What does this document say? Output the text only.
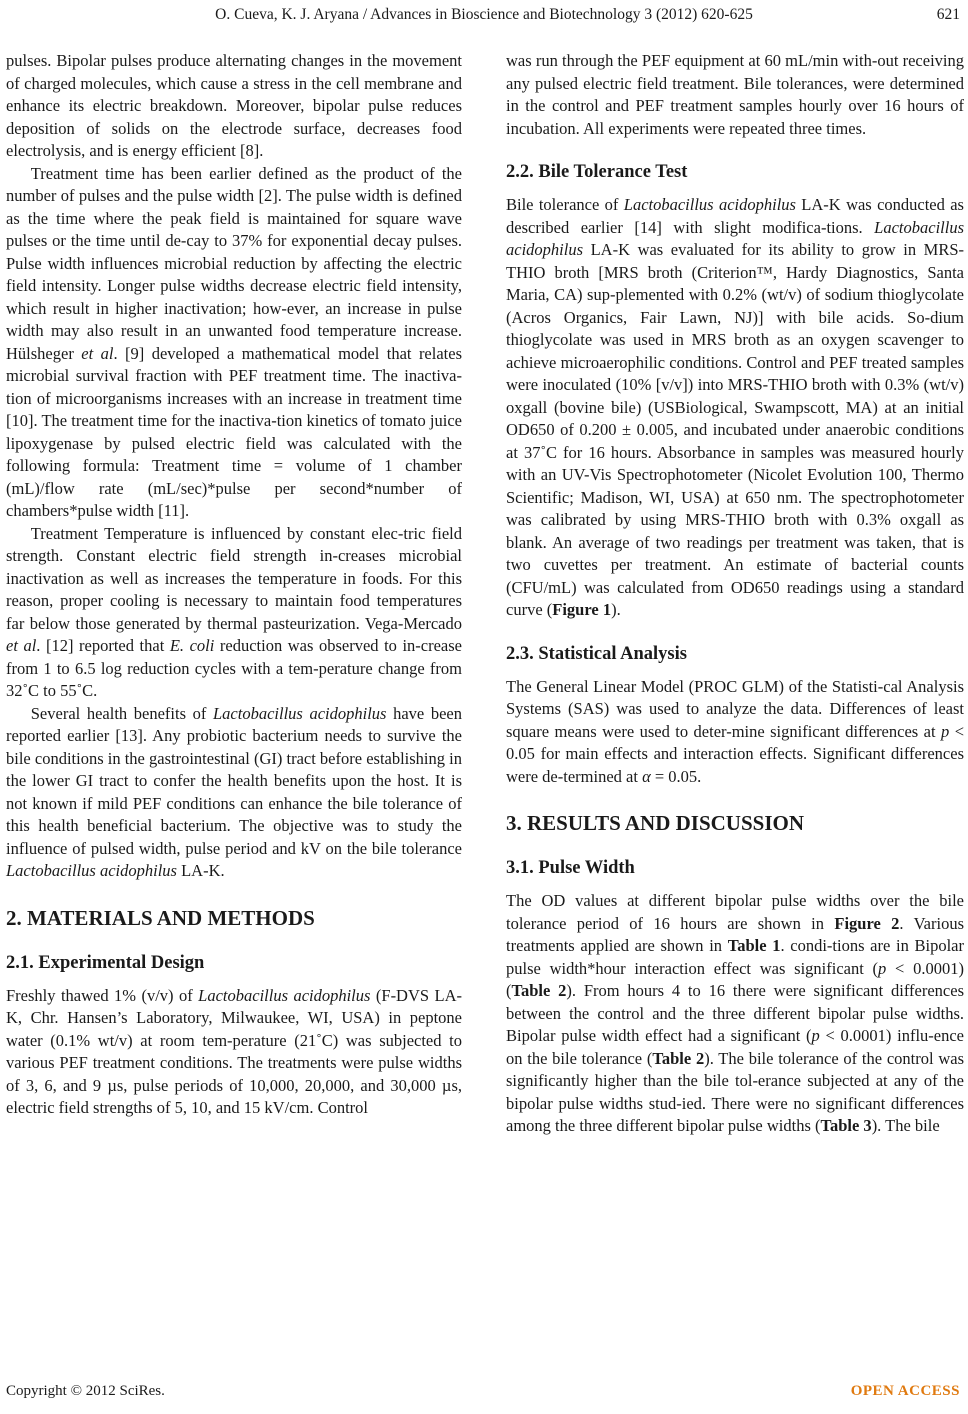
O. Cueva, K. J. Aryana / Advances in Bioscience and Biotechnology 3 (2012) 620-625	621

pulses. Bipolar pulses produce alternating changes in the movement of charged molecules, which cause a stress in the cell membrane and enhance its electric breakdown. Moreover, bipolar pulse reduces deposition of solids on the electrode surface, decreases food electrolysis, and is energy efficient [8].

Treatment time has been earlier defined as the product of the number of pulses and the pulse width [2]. The pulse width is defined as the time where the peak field is maintained for square wave pulses or the time until de-cay to 37% for exponential decay pulses. Pulse width influences microbial reduction by affecting the electric field intensity. Longer pulse widths decrease electric field intensity, which result in higher inactivation; how-ever, an increase in pulse width may also result in an unwanted food temperature increase. Hülsheger et al. [9] developed a mathematical model that relates microbial survival fraction with PEF treatment time. The inactiva-tion of microorganisms increases with an increase in treatment time [10]. The treatment time for the inactiva-tion kinetics of tomato juice lipoxygenase by pulsed electric field was calculated with the following formula: Treatment time = volume of 1 chamber (mL)/flow rate (mL/sec)*pulse per second*number of chambers*pulse width [11].

Treatment Temperature is influenced by constant elec-tric field strength. Constant electric field strength in-creases microbial inactivation as well as increases the temperature in foods. For this reason, proper cooling is necessary to maintain food temperatures far below those generated by thermal pasteurization. Vega-Mercado et al. [12] reported that E. coli reduction was observed to in-crease from 1 to 6.5 log reduction cycles with a tem-perature change from 32˚C to 55˚C.

Several health benefits of Lactobacillus acidophilus have been reported earlier [13]. Any probiotic bacterium needs to survive the bile conditions in the gastrointestinal (GI) tract before establishing in the lower GI tract to confer the health benefits upon the host. It is not known if mild PEF conditions can enhance the bile tolerance of this health beneficial bacterium. The objective was to study the influence of pulsed width, pulse period and kV on the bile tolerance Lactobacillus acidophilus LA-K.

2. MATERIALS AND METHODS
2.1. Experimental Design

Freshly thawed 1% (v/v) of Lactobacillus acidophilus (F-DVS LA-K, Chr. Hansen’s Laboratory, Milwaukee, WI, USA) in peptone water (0.1% wt/v) at room tem-perature (21˚C) was subjected to various PEF treatment conditions. The treatments were pulse widths of 3, 6, and 9 µs, pulse periods of 10,000, 20,000, and 30,000 µs, electric field strengths of 5, 10, and 15 kV/cm. Control

was run through the PEF equipment at 60 mL/min with-out receiving any pulsed electric field treatment. Bile tolerances, were determined in the control and PEF treatment samples hourly over 16 hours of incubation. All experiments were repeated three times.

2.2. Bile Tolerance Test

Bile tolerance of Lactobacillus acidophilus LA-K was conducted as described earlier [14] with slight modifica-tions. Lactobacillus acidophilus LA-K was evaluated for its ability to grow in MRS-THIO broth [MRS broth (Criterion™, Hardy Diagnostics, Santa Maria, CA) sup-plemented with 0.2% (wt/v) of sodium thioglycolate (Acros Organics, Fair Lawn, NJ)] with bile acids. So-dium thioglycolate was used in MRS broth as an oxygen scavenger to achieve microaerophilic conditions. Control and PEF treated samples were inoculated (10% [v/v]) into MRS-THIO broth with 0.3% (wt/v) oxgall (bovine bile) (USBiological, Swampscott, MA) at an initial OD650 of 0.200 ± 0.005, and incubated under anaerobic conditions at 37˚C for 16 hours. Absorbance in samples was measured hourly with an UV-Vis Spectrophotometer (Nicolet Evolution 100, Thermo Scientific; Madison, WI, USA) at 650 nm. The spectrophotometer was calibrated by using MRS-THIO broth with 0.3% oxgall as blank. An average of two readings per treatment was taken, that is two cuvettes per treatment. An estimate of bacterial counts (CFU/mL) was calculated from OD650 readings using a standard curve (Figure 1).

2.3. Statistical Analysis

The General Linear Model (PROC GLM) of the Statisti-cal Analysis Systems (SAS) was used to analyze the data. Differences of least square means were used to deter-mine significant differences at p < 0.05 for main effects and interaction effects. Significant differences were de-termined at α = 0.05.

3. RESULTS AND DISCUSSION
3.1. Pulse Width

The OD values at different bipolar pulse widths over the bile tolerance period of 16 hours are shown in Figure 2. Various treatments applied are shown in Table 1. condi-tions are in Bipolar pulse width*hour interaction effect was significant (p < 0.0001) (Table 2). From hours 4 to 16 there were significant differences between the control and the three different bipolar pulse widths. Bipolar pulse width effect had a significant (p < 0.0001) influ-ence on the bile tolerance (Table 2). The bile tolerance of the control was significantly higher than the bile tol-erance subjected at any of the bipolar pulse widths stud-ied. There were no significant differences among the three different bipolar pulse widths (Table 3). The bile

Copyright © 2012 SciRes.	OPEN ACCESS
